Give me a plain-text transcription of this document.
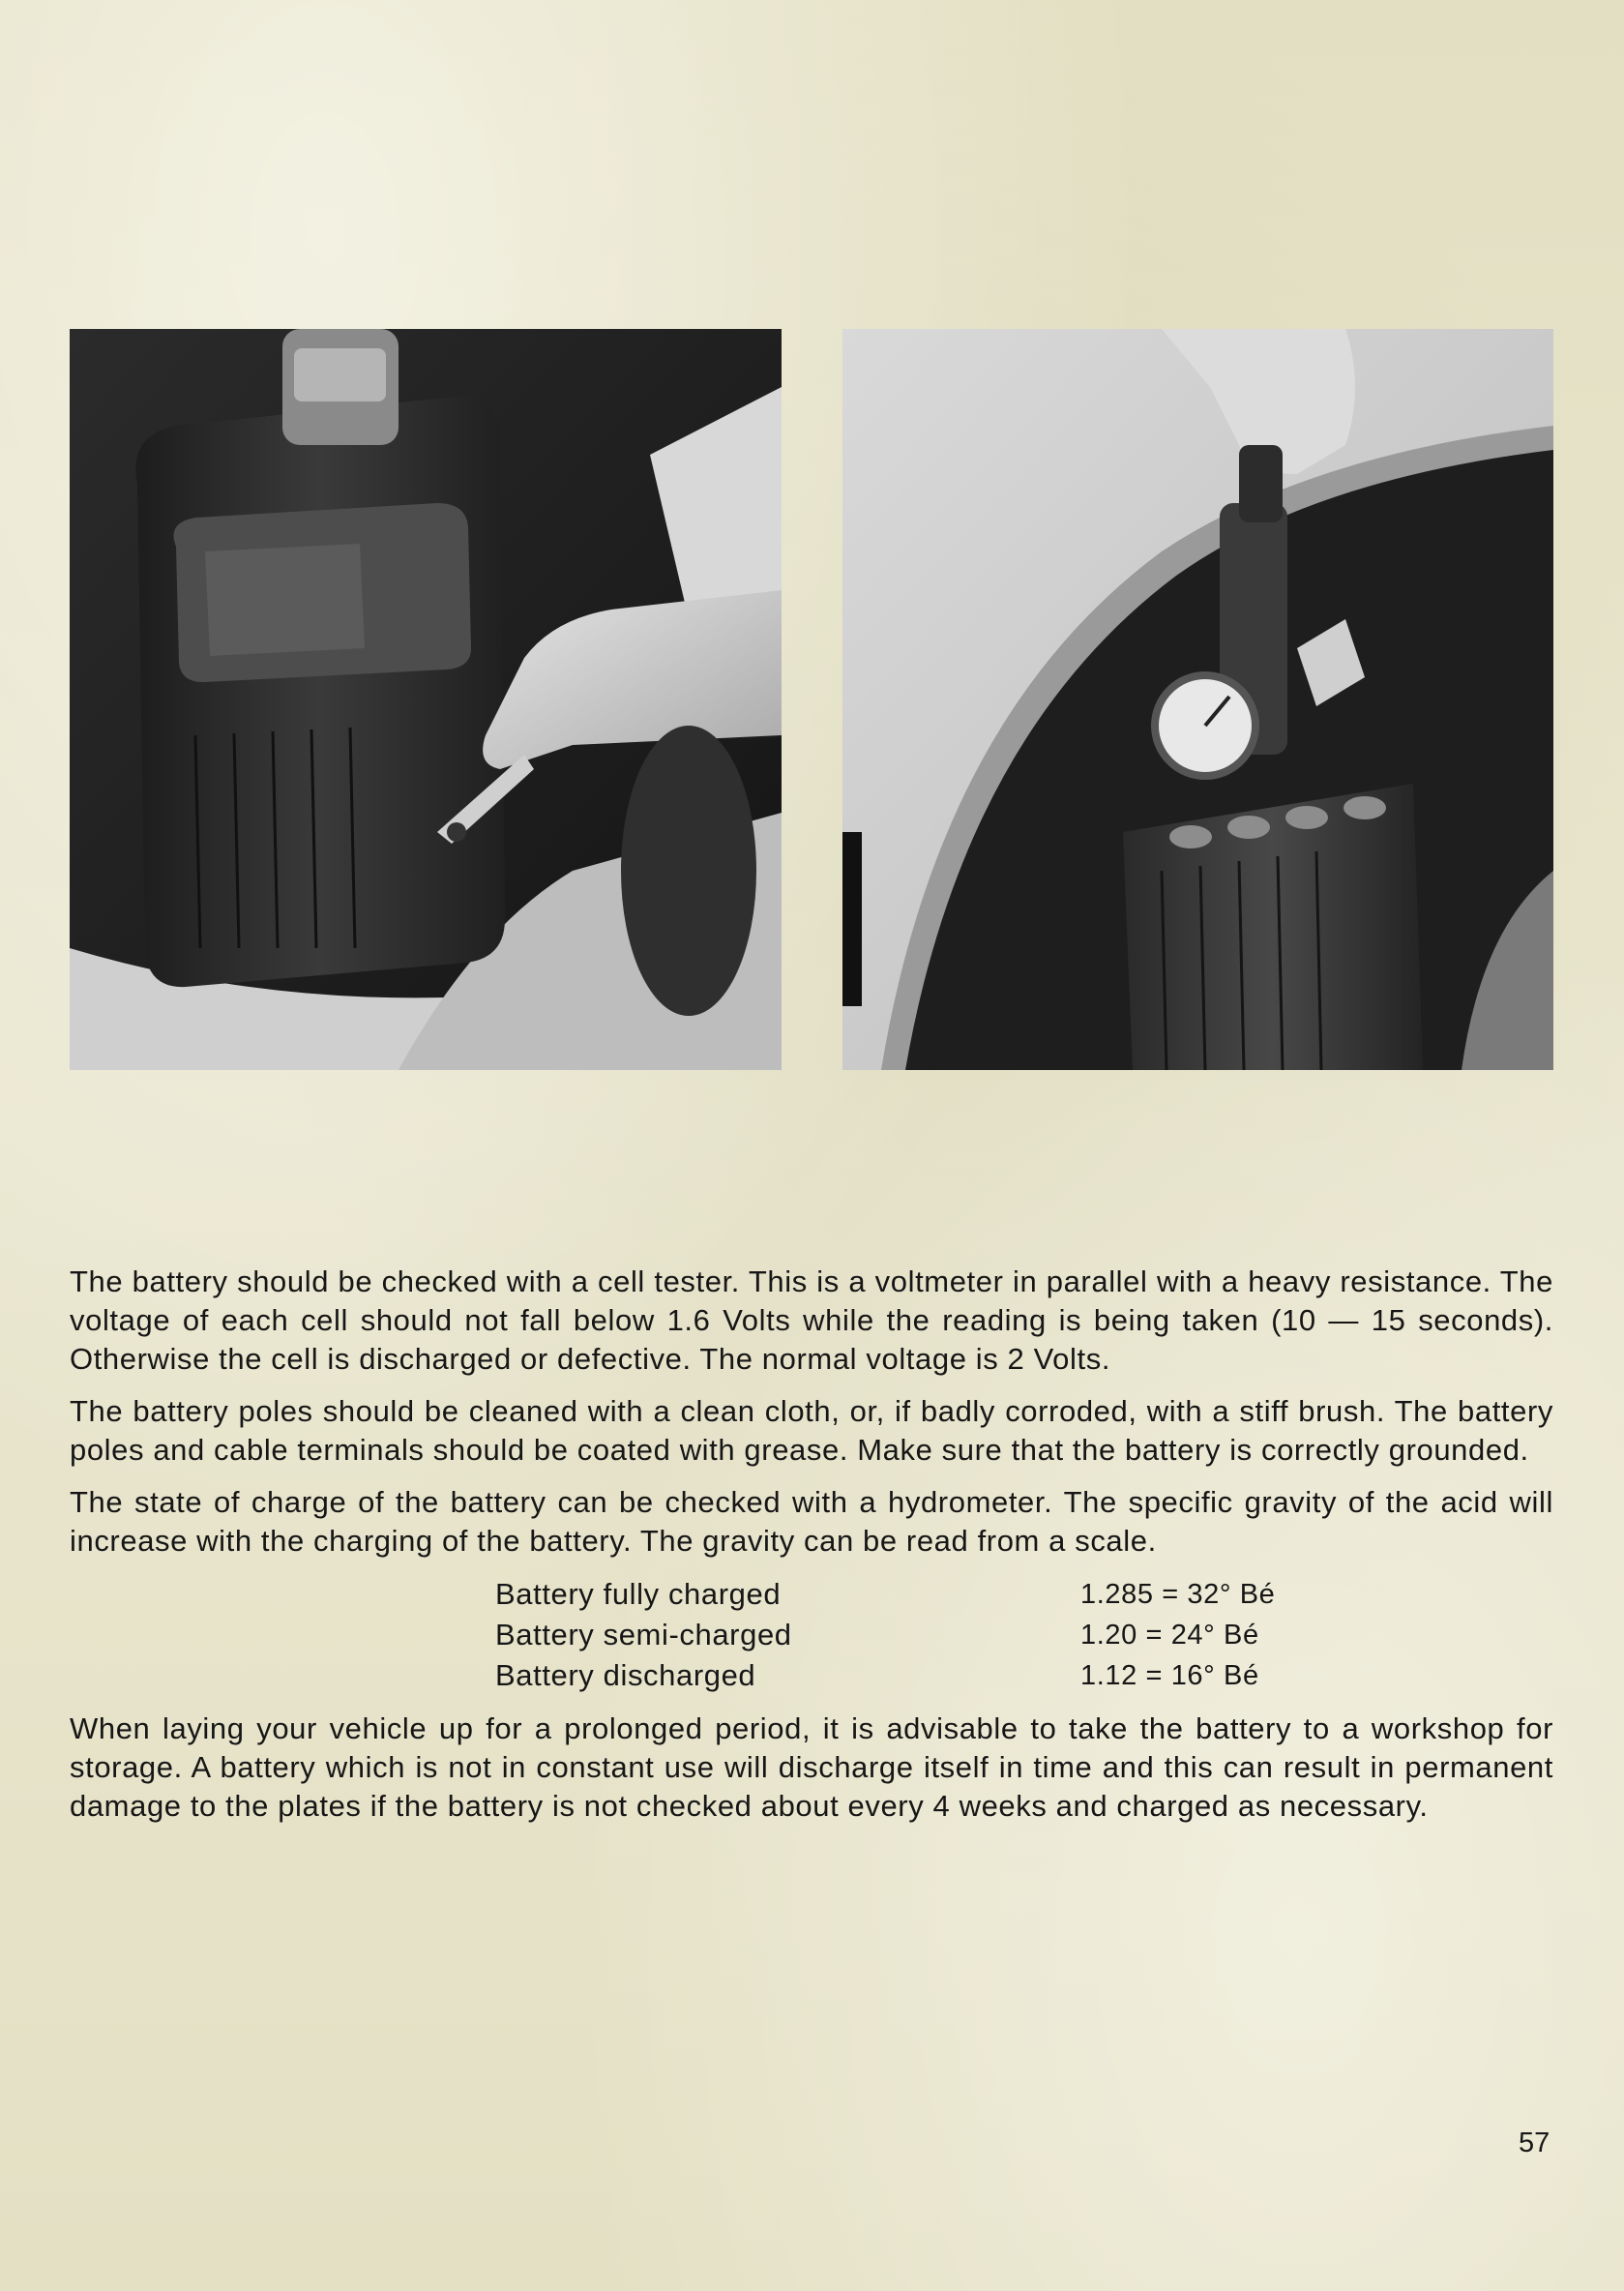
The battery should be checked with a cell tester. This is a voltmeter in parallel with a heavy resistance. The voltage of each cell should not fall below 1.6 Volts while the reading is being taken (10 — 15 seconds). Otherwise the cell is discharged or defective. The normal voltage is 2 Volts.

The battery poles should be cleaned with a clean cloth, or, if badly corroded, with a stiff brush. The battery poles and cable terminals should be coated with grease. Make sure that the battery is correctly grounded.

The state of charge of the battery can be checked with a hydrometer. The specific gravity of the acid will increase with the charging of the battery. The gravity can be read from a scale.

Battery fully charged	1.285 = 32° Bé
Battery semi-charged	1.20 = 24° Bé
Battery discharged	1.12 = 16° Bé

When laying your vehicle up for a prolonged period, it is advisable to take the battery to a workshop for storage. A battery which is not in constant use will discharge itself in time and this can result in permanent damage to the plates if the battery is not checked about every 4 weeks and charged as necessary.

57
